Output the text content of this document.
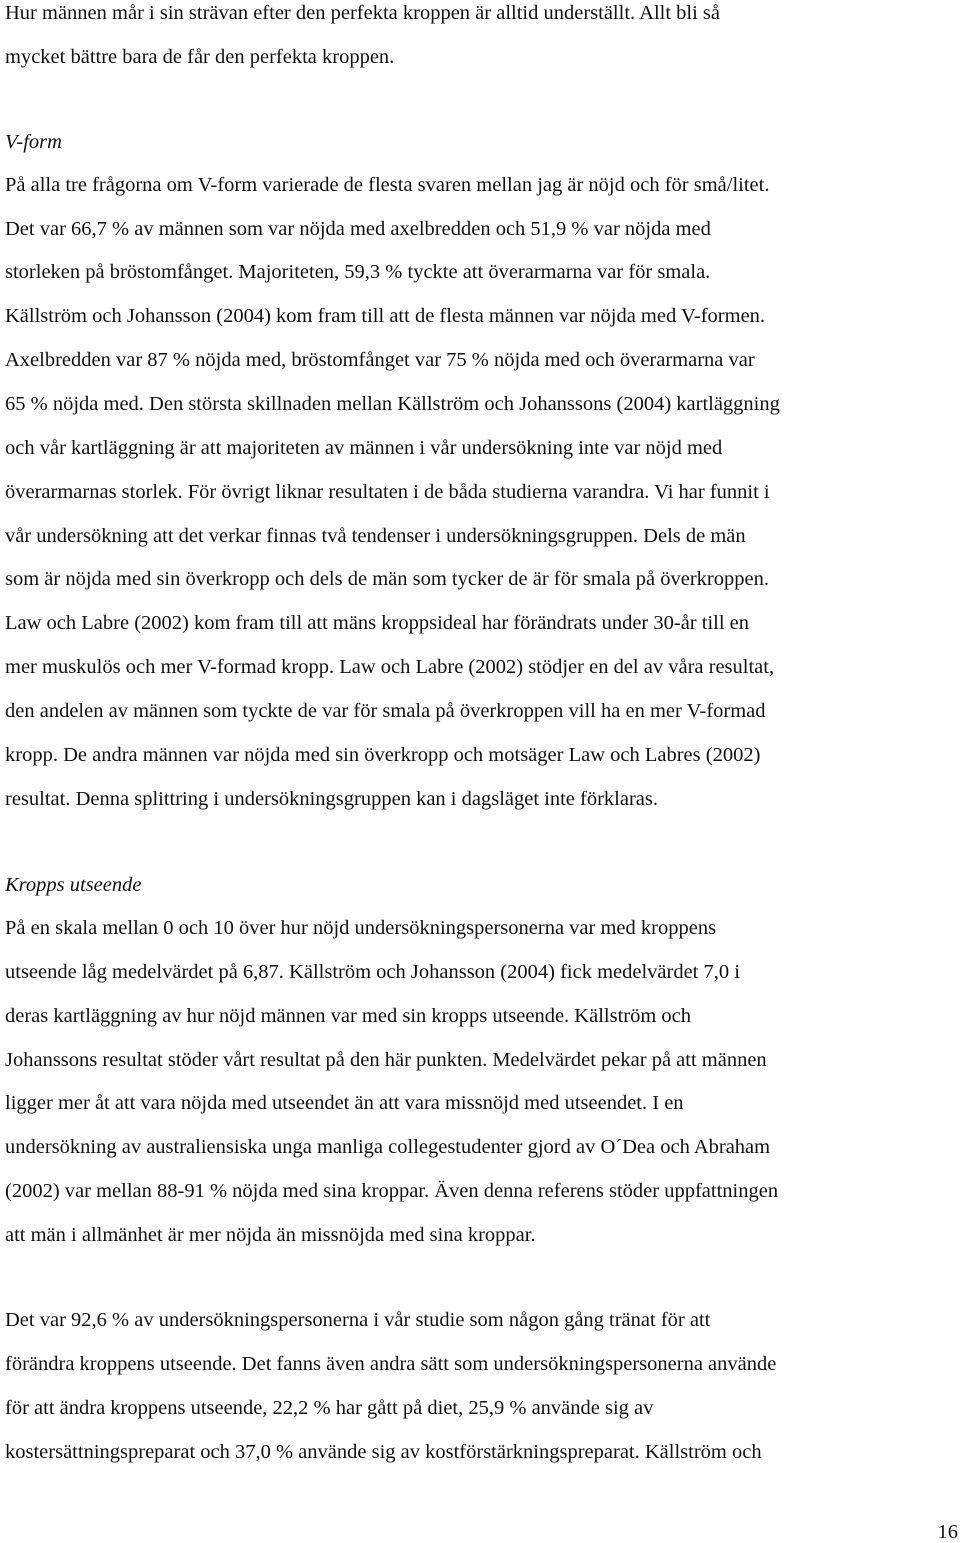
Hur männen mår i sin strävan efter den perfekta kroppen är alltid underställt. Allt bli så
mycket bättre bara de får den perfekta kroppen.
V-form
På alla tre frågorna om V-form varierade de flesta svaren mellan jag är nöjd och för små/litet.
Det var 66,7 % av männen som var nöjda med axelbredden och 51,9 % var nöjda med
storleken på bröstomfånget. Majoriteten, 59,3 % tyckte att överarmarna var för smala.
Källström och Johansson (2004) kom fram till att de flesta männen var nöjda med V-formen.
Axelbredden var 87 % nöjda med, bröstomfånget var 75 % nöjda med och överarmarna var
65 % nöjda med. Den största skillnaden mellan Källström och Johanssons (2004) kartläggning
och vår kartläggning är att majoriteten av männen i vår undersökning inte var nöjd med
överarmarnas storlek. För övrigt liknar resultaten i de båda studierna varandra. Vi har funnit i
vår undersökning att det verkar finnas två tendenser i undersökningsgruppen. Dels de män
som är nöjda med sin överkropp och dels de män som tycker de är för smala på överkroppen.
Law och Labre (2002) kom fram till att mäns kroppsideal har förändrats under 30-år till en
mer muskulös och mer V-formad kropp. Law och Labre (2002) stödjer en del av våra resultat,
den andelen av männen som tyckte de var för smala på överkroppen vill ha en mer V-formad
kropp. De andra männen var nöjda med sin överkropp och motsäger Law och Labres (2002)
resultat. Denna splittring i undersökningsgruppen kan i dagsläget inte förklaras.
Kropps utseende
På en skala mellan 0 och 10 över hur nöjd undersökningspersonerna var med kroppens
utseende låg medelvärdet på 6,87. Källström och Johansson (2004) fick medelvärdet 7,0 i
deras kartläggning av hur nöjd männen var med sin kropps utseende. Källström och
Johanssons resultat stöder vårt resultat på den här punkten. Medelvärdet pekar på att männen
ligger mer åt att vara nöjda med utseendet än att vara missnöjd med utseendet. I en
undersökning av australiensiska unga manliga collegestudenter gjord av O´Dea och Abraham
(2002) var mellan 88-91 % nöjda med sina kroppar. Även denna referens stöder uppfattningen
att män i allmänhet är mer nöjda än missnöjda med sina kroppar.
Det var 92,6 % av undersökningspersonerna i vår studie som någon gång tränat för att
förändra kroppens utseende. Det fanns även andra sätt som undersökningspersonerna använde
för att ändra kroppens utseende, 22,2 % har gått på diet, 25,9 % använde sig av
kostersättningspreparat och 37,0 % använde sig av kostförstärkningspreparat. Källström och
16
